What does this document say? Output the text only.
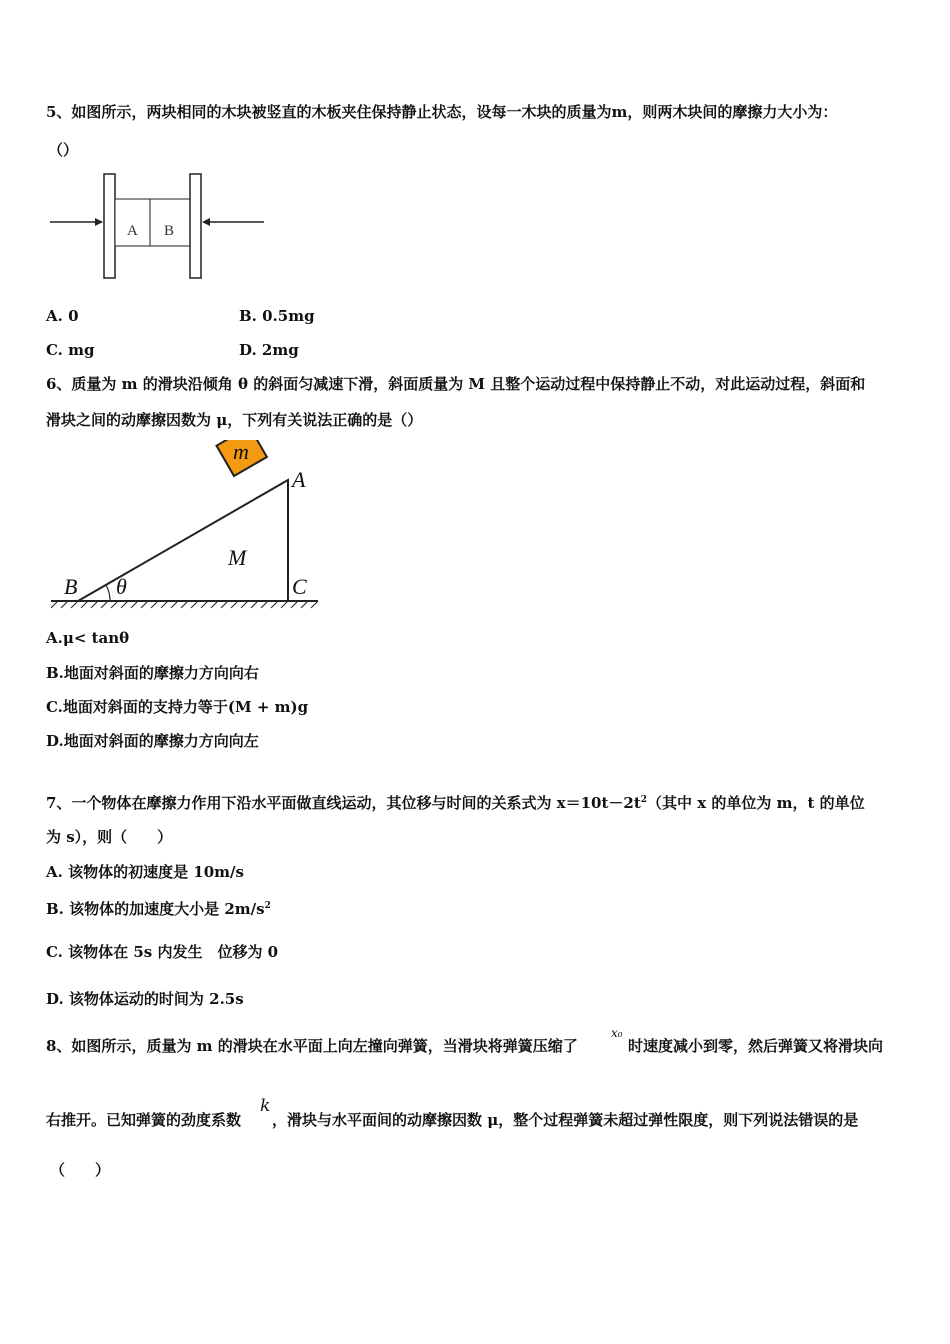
5、如图所示，两块相同的木块被竖直的木板夹住保持静止状态，设每一木块的质量为m，则两木块间的摩擦力大小为：
（）
A B
A. 0	B. 0.5mg
C. mg	D. 2mg
6、质量为 m 的滑块沿倾角 θ 的斜面匀减速下滑，斜面质量为 M 且整个运动过程中保持静止不动，对此运动过程，斜面和
滑块之间的动摩擦因数为 μ，下列有关说法正确的是（）
m
A
M
B θ	C
A.μ< tanθ
B.地面对斜面的摩擦力方向向右
C.地面对斜面的支持力等于(M + m)g
D.地面对斜面的摩擦力方向向左
7、一个物体在摩擦力作用下沿水平面做直线运动，其位移与时间的关系式为 $x=10t-2t^2$（其中 x 的单位为 m，t 的单位
为 s），则（　　）
A. 该物体的初速度是 10m/s
B. 该物体的加速度大小是 $2m/s^2$
C. 该物体在 5s 内发生　位移为 0
D. 该物体运动的时间为 2.5s
8、如图所示，质量为 m 的滑块在水平面上向左撞向弹簧，当滑块将弹簧压缩了
x₀
时速度减小到零，然后弹簧又将滑块向
右推开。已知弹簧的劲度系数
k
，滑块与水平面间的动摩擦因数 μ，整个过程弹簧未超过弹性限度，则下列说法错误的是
（　　）
